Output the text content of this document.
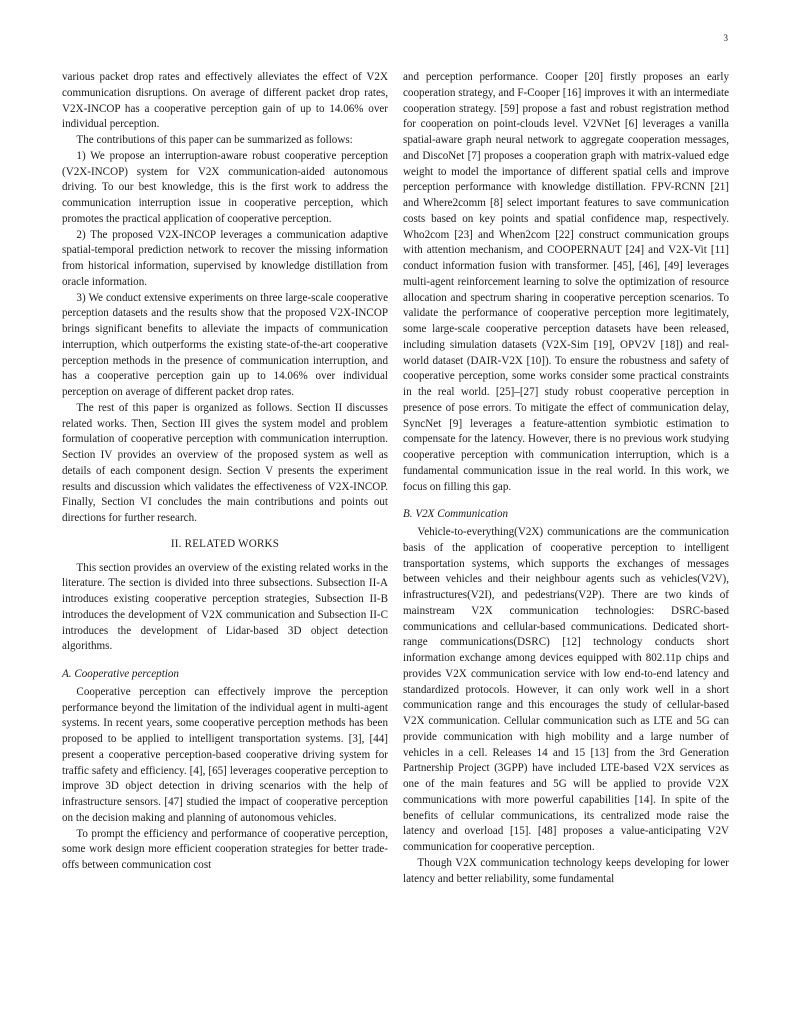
3

various packet drop rates and effectively alleviates the effect of V2X communication disruptions. On average of different packet drop rates, V2X-INCOP has a cooperative perception gain of up to 14.06% over individual perception.

The contributions of this paper can be summarized as follows:

1) We propose an interruption-aware robust cooperative perception (V2X-INCOP) system for V2X communication-aided autonomous driving. To our best knowledge, this is the first work to address the communication interruption issue in cooperative perception, which promotes the practical application of cooperative perception.

2) The proposed V2X-INCOP leverages a communication adaptive spatial-temporal prediction network to recover the missing information from historical information, supervised by knowledge distillation from oracle information.

3) We conduct extensive experiments on three large-scale cooperative perception datasets and the results show that the proposed V2X-INCOP brings significant benefits to alleviate the impacts of communication interruption, which outperforms the existing state-of-the-art cooperative perception methods in the presence of communication interruption, and has a cooperative perception gain up to 14.06% over individual perception on average of different packet drop rates.

The rest of this paper is organized as follows. Section II discusses related works. Then, Section III gives the system model and problem formulation of cooperative perception with communication interruption. Section IV provides an overview of the proposed system as well as details of each component design. Section V presents the experiment results and discussion which validates the effectiveness of V2X-INCOP. Finally, Section VI concludes the main contributions and points out directions for further research.

II. RELATED WORKS

This section provides an overview of the existing related works in the literature. The section is divided into three subsections. Subsection II-A introduces existing cooperative perception strategies, Subsection II-B introduces the development of V2X communication and Subsection II-C introduces the development of Lidar-based 3D object detection algorithms.

A. Cooperative perception

Cooperative perception can effectively improve the perception performance beyond the limitation of the individual agent in multi-agent systems. In recent years, some cooperative perception methods has been proposed to be applied to intelligent transportation systems. [3], [44] present a cooperative perception-based cooperative driving system for traffic safety and efficiency. [4], [65] leverages cooperative perception to improve 3D object detection in driving scenarios with the help of infrastructure sensors. [47] studied the impact of cooperative perception on the decision making and planning of autonomous vehicles.

To prompt the efficiency and performance of cooperative perception, some work design more efficient cooperation strategies for better trade-offs between communication cost

and perception performance. Cooper [20] firstly proposes an early cooperation strategy, and F-Cooper [16] improves it with an intermediate cooperation strategy. [59] propose a fast and robust registration method for cooperation on point-clouds level. V2VNet [6] leverages a vanilla spatial-aware graph neural network to aggregate cooperation messages, and DiscoNet [7] proposes a cooperation graph with matrix-valued edge weight to model the importance of different spatial cells and improve perception performance with knowledge distillation. FPV-RCNN [21] and Where2comm [8] select important features to save communication costs based on key points and spatial confidence map, respectively. Who2com [23] and When2com [22] construct communication groups with attention mechanism, and COOPERNAUT [24] and V2X-Vit [11] conduct information fusion with transformer. [45], [46], [49] leverages multi-agent reinforcement learning to solve the optimization of resource allocation and spectrum sharing in cooperative perception scenarios. To validate the performance of cooperative perception more legitimately, some large-scale cooperative perception datasets have been released, including simulation datasets (V2X-Sim [19], OPV2V [18]) and real-world dataset (DAIR-V2X [10]). To ensure the robustness and safety of cooperative perception, some works consider some practical constraints in the real world. [25]–[27] study robust cooperative perception in presence of pose errors. To mitigate the effect of communication delay, SyncNet [9] leverages a feature-attention symbiotic estimation to compensate for the latency. However, there is no previous work studying cooperative perception with communication interruption, which is a fundamental communication issue in the real world. In this work, we focus on filling this gap.

B. V2X Communication

Vehicle-to-everything(V2X) communications are the communication basis of the application of cooperative perception to intelligent transportation systems, which supports the exchanges of messages between vehicles and their neighbour agents such as vehicles(V2V), infrastructures(V2I), and pedestrians(V2P). There are two kinds of mainstream V2X communication technologies: DSRC-based communications and cellular-based communications. Dedicated short-range communications(DSRC) [12] technology conducts short information exchange among devices equipped with 802.11p chips and provides V2X communication service with low end-to-end latency and standardized protocols. However, it can only work well in a short communication range and this encourages the study of cellular-based V2X communication. Cellular communication such as LTE and 5G can provide communication with high mobility and a large number of vehicles in a cell. Releases 14 and 15 [13] from the 3rd Generation Partnership Project (3GPP) have included LTE-based V2X services as one of the main features and 5G will be applied to provide V2X communications with more powerful capabilities [14]. In spite of the benefits of cellular communications, its centralized mode raise the latency and overload [15]. [48] proposes a value-anticipating V2V communication for cooperative perception.

Though V2X communication technology keeps developing for lower latency and better reliability, some fundamental
